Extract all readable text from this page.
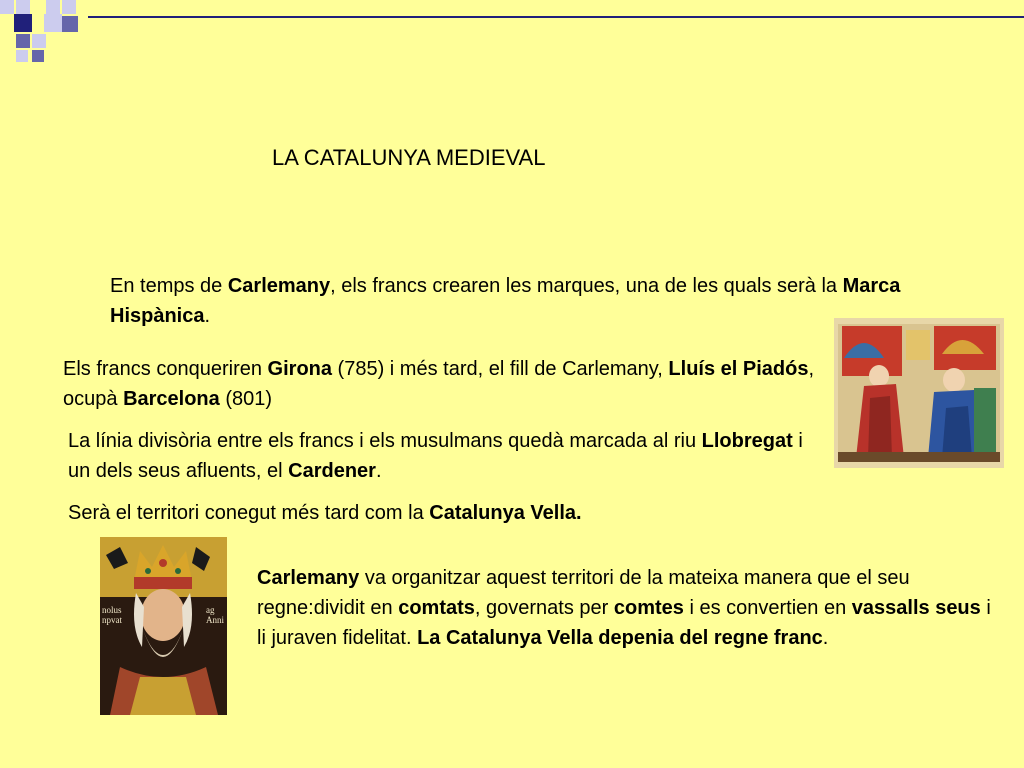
LA CATALUNYA MEDIEVAL
En temps de Carlemany, els francs crearen les marques, una de les quals serà la Marca Hispànica.
Els francs conqueriren Girona (785) i més tard, el fill de Carlemany, Lluís el Piadós, ocupà Barcelona (801)
La línia divisòria entre els francs i els musulmans quedà marcada al riu Llobregat i un dels seus afluents, el Cardener.
Serà el territori conegut més tard com la Catalunya Vella.
Carlemany va organitzar aquest territori de la mateixa manera que el seu regne:dividit en comtats, governats per comtes i es convertien en vassalls seus i li juraven fidelitat. La Catalunya Vella depenia del regne franc.
nolus npvat
ag Anni
